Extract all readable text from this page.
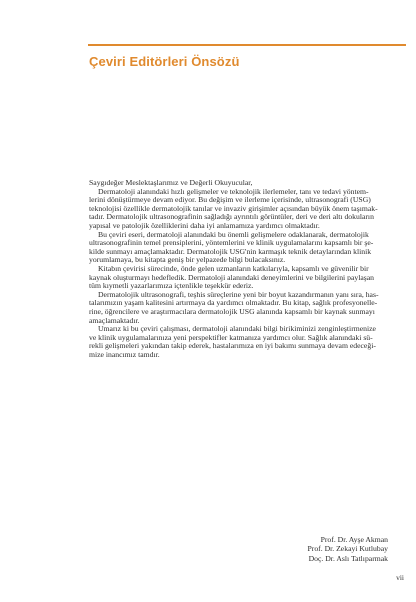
Çeviri Editörleri Önsözü
Saygıdeğer Meslektaşlarımız ve Değerli Okuyucular,
Dermatoloji alanındaki hızlı gelişmeler ve teknolojik ilerlemeler, tanı ve tedavi yöntem-
lerini dönüştürmeye devam ediyor. Bu değişim ve ilerleme içerisinde, ultrasonografi (USG)
teknolojisi özellikle dermatolojik tanılar ve invaziv girişimler açısından büyük önem taşımak-
tadır. Dermatolojik ultrasonografinin sağladığı ayrıntılı görüntüler, deri ve deri altı dokuların
yapısal ve patolojik özelliklerini daha iyi anlamamıza yardımcı olmaktadır.
Bu çeviri eseri, dermatoloji alanındaki bu önemli gelişmelere odaklanarak, dermatolojik
ultrasonografinin temel prensiplerini, yöntemlerini ve klinik uygulamalarını kapsamlı bir şe-
kilde sunmayı amaçlamaktadır. Dermatolojik USG'nin karmaşık teknik detaylarından klinik
yorumlamaya, bu kitapta geniş bir yelpazede bilgi bulacaksınız.
Kitabın çevirisi sürecinde, önde gelen uzmanların katkılarıyla, kapsamlı ve güvenilir bir
kaynak oluşturmayı hedefledik. Dermatoloji alanındaki deneyimlerini ve bilgilerini paylaşan
tüm kıymetli yazarlarımıza içtenlikle teşekkür ederiz.
Dermatolojik ultrasonografi, teşhis süreçlerine yeni bir boyut kazandırmanın yanı sıra, has-
talarımızın yaşam kalitesini artırmaya da yardımcı olmaktadır. Bu kitap, sağlık profesyonelle-
rine, öğrencilere ve araştırmacılara dermatolojik USG alanında kapsamlı bir kaynak sunmayı
amaçlamaktadır.
Umarız ki bu çeviri çalışması, dermatoloji alanındaki bilgi birikiminizi zenginleştirmenize
ve klinik uygulamalarınıza yeni perspektifler katmanıza yardımcı olur. Sağlık alanındaki sü-
rekli gelişmeleri yakından takip ederek, hastalarımıza en iyi bakımı sunmaya devam edeceği-
mize inancımız tamdır.
Prof. Dr. Ayşe Akman
Prof. Dr. Zekayi Kutlubay
Doç. Dr. Aslı Tatlıparmak
vii
